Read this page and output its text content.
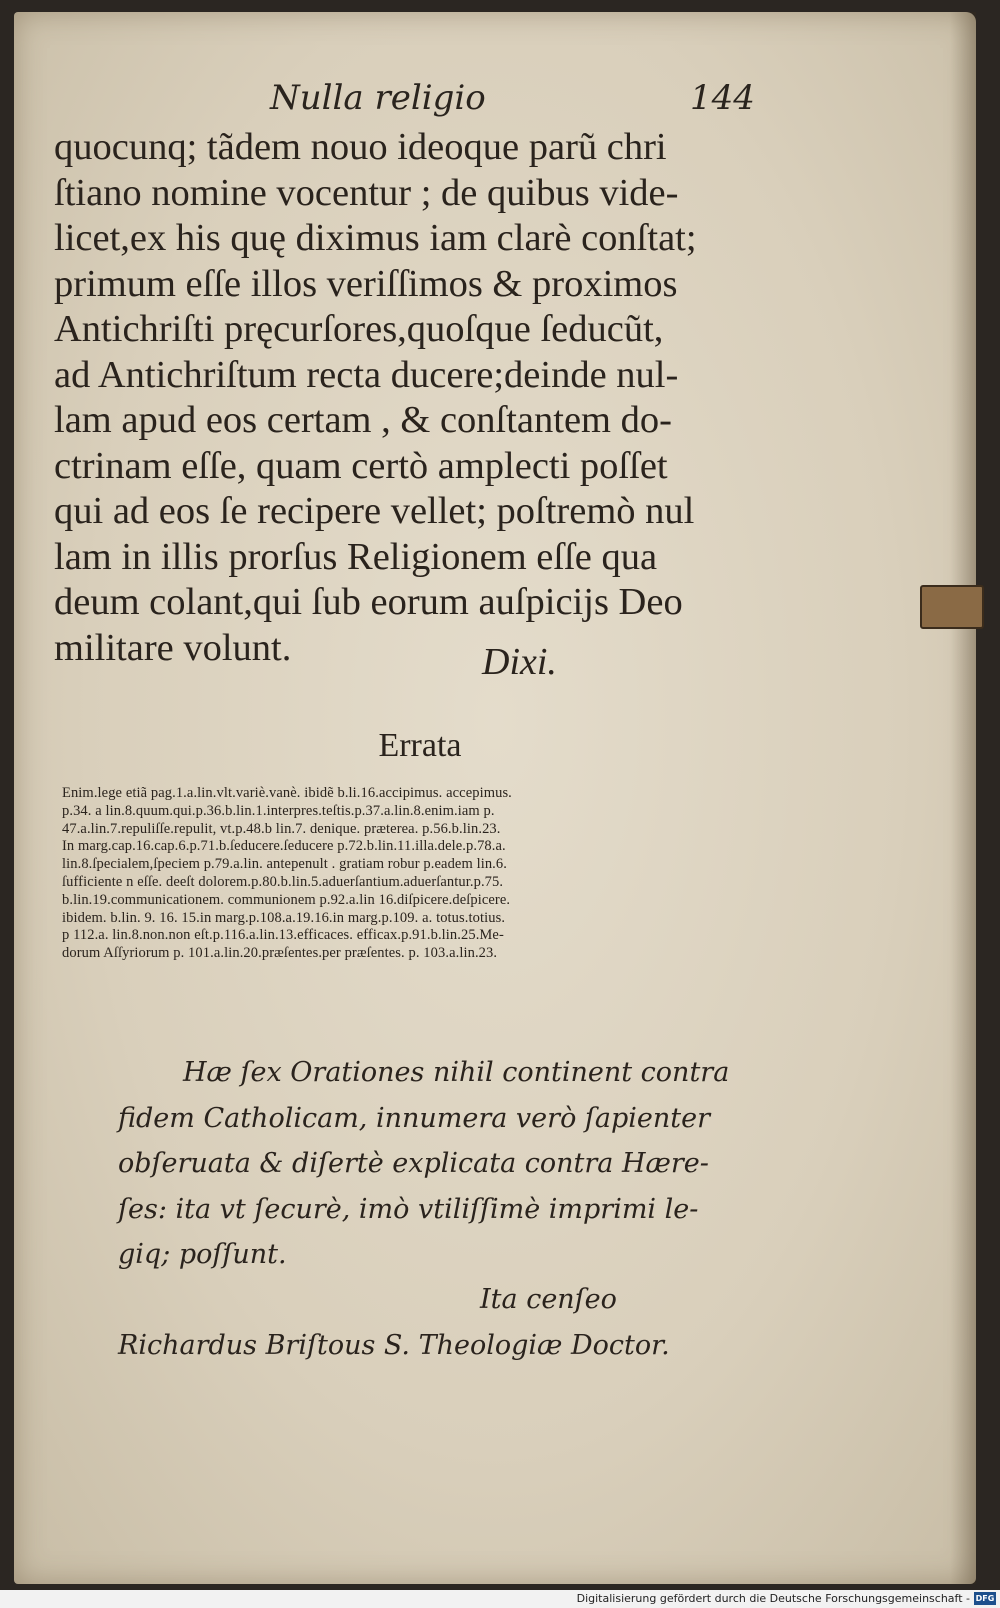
Nulla religio	144
quocunq; tãdem nouo ideoque parũ chri
ſtiano nomine vocentur ; de quibus vide-
licet,ex his quę diximus iam clarè conſtat;
primum eſſe illos veriſſimos & proximos
Antichriſti pręcurſores,quoſque ſeducũt,
ad Antichriſtum recta ducere;deinde nul-
lam apud eos certam , & conſtantem do-
ctrinam eſſe, quam certò amplecti poſſet
qui ad eos ſe recipere vellet; poſtremò nul
lam in illis prorſus Religionem eſſe qua
deum colant,qui ſub eorum auſpicijs Deo
militare volunt.	Dixi.
Errata
Enim.lege etiã pag.1.a.lin.vlt.variè.vanè. ibidẽ b.li.16.accipimus. accepimus.
p.34. a lin.8.quum.qui.p.36.b.lin.1.interpres.teſtis.p.37.a.lin.8.enim.iam p.
47.a.lin.7.repuliſſe.repulit, vt.p.48.b lin.7. denique. præterea. p.56.b.lin.23.
In marg.cap.16.cap.6.p.71.b.ſeducere.ſeducere p.72.b.lin.11.illa.dele.p.78.a.
lin.8.ſpecialem,ſpeciem p.79.a.lin. antepenult . gratiam robur p.eadem lin.6.
ſufficiente n eſſe. deeſt dolorem.p.80.b.lin.5.aduerſantium.aduerſantur.p.75.
b.lin.19.communicationem. communionem p.92.a.lin 16.diſpicere.deſpicere.
ibidem. b.lin. 9. 16. 15.in marg.p.108.a.19.16.in marg.p.109. a. totus.totius.
p 112.a. lin.8.non.non eſt.p.116.a.lin.13.efficaces. efficax.p.91.b.lin.25.Me-
dorum Aſſyriorum p. 101.a.lin.20.præſentes.per præſentes. p. 103.a.lin.23.
Hæ ſex Orationes nihil continent contra
fidem Catholicam, innumera verò ſapienter
obſeruata & diſertè explicata contra Hære-
ſes: ita vt ſecurè, imò vtiliſſimè imprimi le-
giq; poſſunt.
Ita cenſeo
Richardus Briſtous S. Theologiæ Doctor.
Digitalisierung gefördert durch die Deutsche Forschungsgemeinschaft - DFG
